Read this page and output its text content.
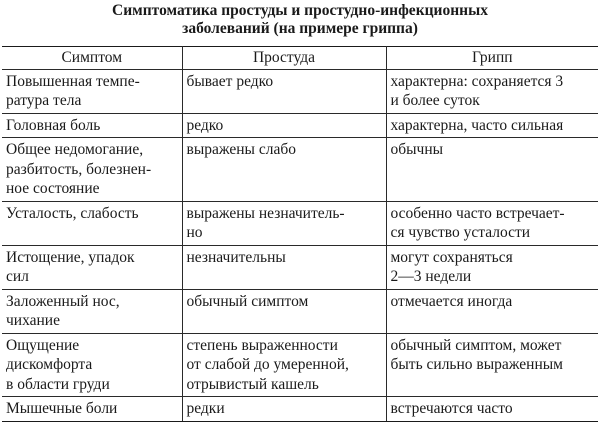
Симптоматика простуды и простудно-инфекционных
заболеваний (на примере гриппа)
Симптом	Простуда	Грипп

Повышенная темпе-
ратура тела	бывает редко	характерна: сохраняется 3
и более суток

Головная боль	редко	характерна, часто сильная

Общее недомогание,
разбитость, болезнен-
ное состояние	выражены слабо	обычны

Усталость, слабость	выражены незначитель-
но	особенно часто встречает-
ся чувство усталости

Истощение, упадок
сил	незначительны	могут сохраняться
2—3 недели

Заложенный нос,
чихание	обычный симптом	отмечается иногда

Ощущение
дискомфорта
в области груди	степень выраженности
от слабой до умеренной,
отрывистый кашель	обычный симптом, может
быть сильно выраженным

Мышечные боли	редки	встречаются часто
